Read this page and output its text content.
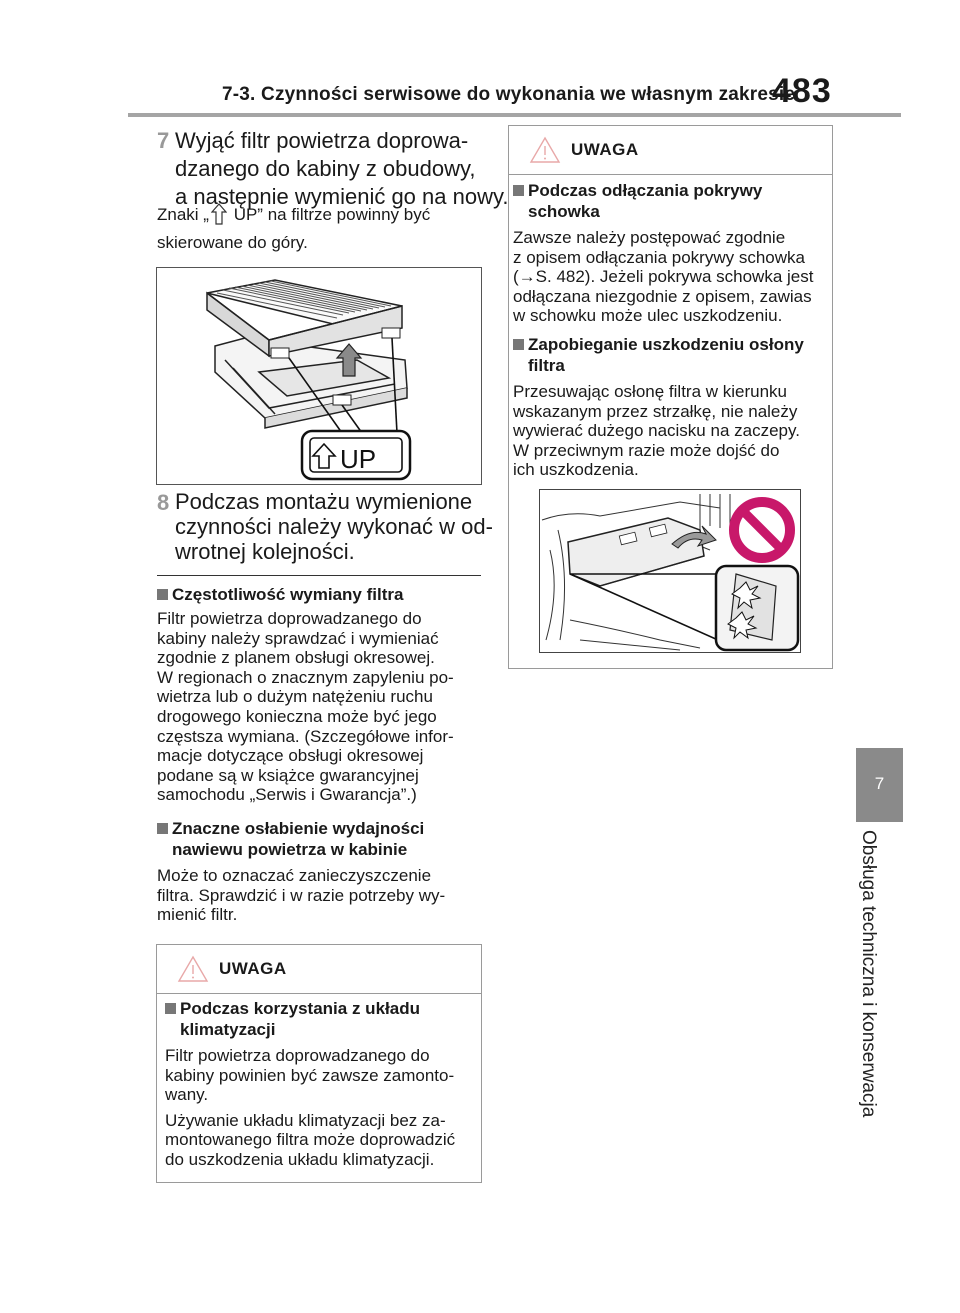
7-3. Czynności serwisowe do wykonania we własnym zakresie
483
7
Obsługa techniczna i konserwacja
7 Wyjąć filtr powietrza doprowa-
dzanego do kabiny z obudowy,
a następnie wymienić go na nowy.
Znaki „ UP” na filtrze powinny być
skierowane do góry.
UP
8 Podczas montażu wymienione
czynności należy wykonać w od-
wrotnej kolejności.
Częstotliwość wymiany filtra
Filtr powietrza doprowadzanego do
kabiny należy sprawdzać i wymieniać
zgodnie z planem obsługi okresowej.
W regionach o znacznym zapyleniu po-
wietrza lub o dużym natężeniu ruchu
drogowego konieczna może być jego
częstsza wymiana. (Szczegółowe infor-
macje dotyczące obsługi okresowej
podane są w książce gwarancyjnej
samochodu „Serwis i Gwarancja”.)
Znaczne osłabienie wydajności
nawiewu powietrza w kabinie
Może to oznaczać zanieczyszczenie
filtra. Sprawdzić i w razie potrzeby wy-
mienić filtr.
UWAGA
Podczas korzystania z układu
klimatyzacji
Filtr powietrza doprowadzanego do
kabiny powinien być zawsze zamonto-
wany.
Używanie układu klimatyzacji bez za-
montowanego filtra może doprowadzić
do uszkodzenia układu klimatyzacji.
UWAGA
Podczas odłączania pokrywy
schowka
Zawsze należy postępować zgodnie
z opisem odłączania pokrywy schowka
(→S. 482). Jeżeli pokrywa schowka jest
odłączana niezgodnie z opisem, zawias
w schowku może ulec uszkodzeniu.
Zapobieganie uszkodzeniu osłony
filtra
Przesuwając osłonę filtra w kierunku
wskazanym przez strzałkę, nie należy
wywierać dużego nacisku na zaczepy.
W przeciwnym razie może dojść do
ich uszkodzenia.
